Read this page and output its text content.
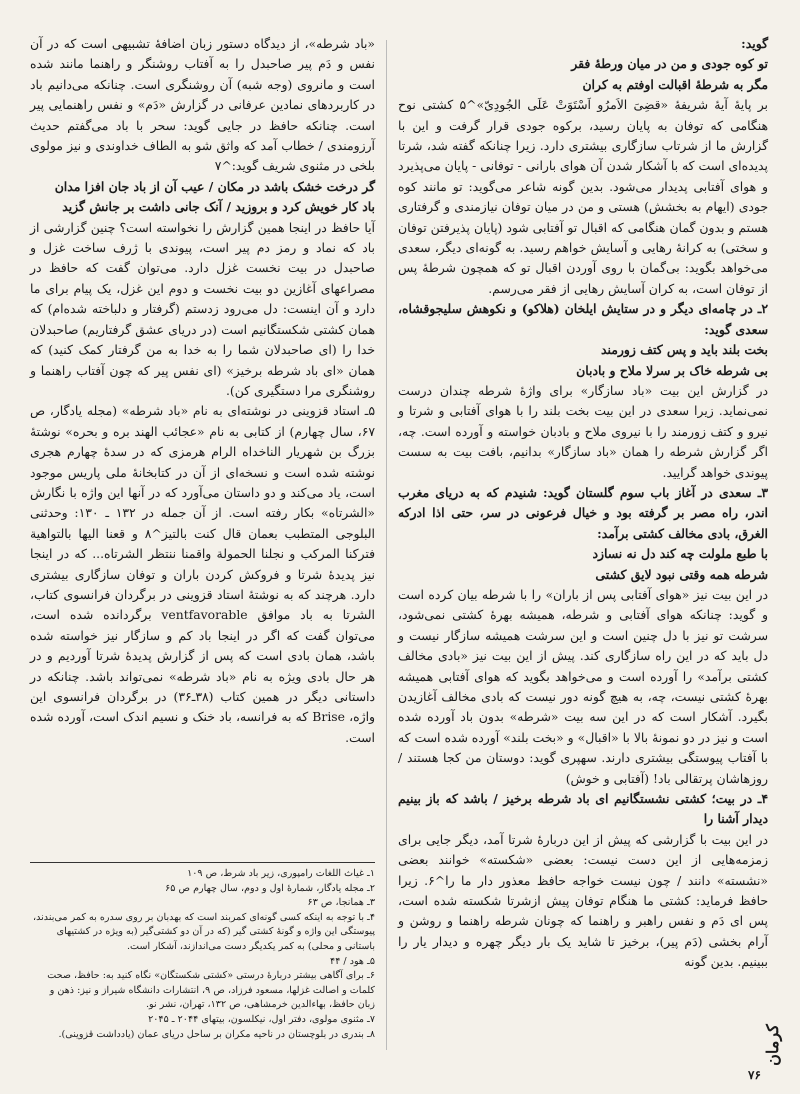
گوید:

تو کوه جودی و من در میان ورطهٔ فقر

مگر به شرطهٔ اقبالت اوفتم به کران

بر پایهٔ آیهٔ شریفهٔ «قضِیَ الاَمرُو اَسْتَوَتْ عَلَی الجُودِیّ»^۵ کشتی نوح هنگامی که توفان به پایان رسید، برکوه جودی قرار گرفت و این با گزارش ما از شرتاب سازگاری بیشتری دارد. زیرا چنانکه گفته شد، شرتا پدیده‌ای است که با آشکار شدن آن هوای بارانی - توفانی - پایان می‌پذیرد و هوای آفتابی پدیدار می‌شود. بدین گونه شاعر می‌گوید: تو مانند کوه جودی (ایهام به بخشش) هستی و من در میان توفان نیازمندی و گرفتاری هستم و بدون گمان هنگامی که اقبال تو آفتابی شود (پایان پذیرفتن توفان و سختی) به کرانهٔ رهایی و آسایش خواهم رسید. به گونه‌ای دیگر، سعدی می‌خواهد بگوید: بی‌گمان با روی آوردن اقبال تو که همچون شرطهٔ پس از توفان است، به کران آسایش رهایی از فقر می‌رسم.

۲ـ در چامه‌ای دیگر و در ستایش ایلخان (هلاکو) و نکوهش سلیجوقشاه، سعدی گوید:

بخت بلند باید و پس کتف زورمند

بی شرطه خاک بر سرلا ملاح و بادبان

در گزارش این بیت «باد سازگار» برای واژهٔ شرطه چندان درست نمی‌نماید. زیرا سعدی در این بیت بخت بلند را با هوای آفتابی و شرتا و نیرو و کتف زورمند را با نیروی ملاح و بادبان خواسته و آورده است. چه، اگر گزارش شرطه را همان «باد سازگار» بدانیم، بافت بیت به سست پیوندی خواهد گرایید.

۳ـ سعدی در آغاز باب سوم گلستان گوید: شنیدم که به دریای مغرب اندر، راه مصر بر گرفته بود و خیال فرعونی در سر، حتی اذا ادرکه الغرق، بادی مخالف کشتی برآمد:

با طبع ملولت چه کند دل نه نسازد

شرطه همه وقتی نبود لایق کشتی

در این بیت نیز «هوای آفتابی پس از باران» را با شرطه بیان کرده است و گوید: چنانکه هوای آفتابی و شرطه، همیشه بهرهٔ کشتی نمی‌شود، سرشت تو نیز با دل چنین است و این سرشت همیشه سازگار نیست و دل باید که در این راه سازگاری کند. پیش از این بیت نیز «بادی مخالف کشتی برآمد» را آورده است و می‌خواهد بگوید که هوای آفتابی همیشه بهرهٔ کشتی نیست، چه، به هیچ گونه دور نیست که بادی مخالف آغازیدن بگیرد. آشکار است که در این سه بیت «شرطه» بدون باد آورده شده است و نیز در دو نمونهٔ بالا با «اقبال» و «بخت بلند» آورده شده است که با آفتاب پیوستگی بیشتری دارند. سهپری گوید: دوستان من کجا هستند / روزهاشان پرتقالی باد! (آفتابی و خوش)

۴ـ در بیت؛ کشتی نشستگانیم ای باد شرطه برخیز / باشد که باز بینیم دیدار آشنا را

در این بیت با گزارشی که پیش از این دربارهٔ شرتا آمد، دیگر جایی برای زمزمه‌هایی از این دست نیست: بعضی «شکسته» خوانند بعضی «نشسته» دانند / چون نیست خواجه حافظ معذور دار ما را^۶. زیرا حافظ فرماید: کشتی ما هنگام توفان پیش ازشرتا شکسته شده است، پس ای دَم و نفس راهبر و راهنما که چونان شرطه راهنما و روشن و آرام بخشی (دَم پیر)، برخیز تا شاید یک بار دیگر چهره و دیدار یار را ببینیم. بدین گونه

«باد شرطه»، از دیدگاه دستور زبان اضافهٔ تشبیهی است که در آن نفس و دَم پیر صاحبدل را به آفتاب روشنگر و راهنما مانند شده است و مانروی (وجه شبه) آن روشنگری است. چنانکه می‌دانیم باد در کاربردهای نمادین عرفانی در گزارش «دَم» و نفس راهنمایی پیر است. چنانکه حافظ در جایی گوید: سحر با باد می‌گفتم حدیث آرزومندی / خطاب آمد که واثق شو به الطاف خداوندی و نیز مولوی بلخی در مثنوی شریف گوید:^۷

گر درخت خشک باشد در مکان / عیب آن از باد جان افزا مدان

باد کار خویش کرد و بروزید / آنک جانی داشت بر جانش گزید

آیا حافظ در اینجا همین گزارش را نخواسته است؟ چنین گزارشی از باد که نماد و رمز دم پیر است، پیوندی با ژرف ساخت غزل و صاحبدل در بیت نخست غزل دارد. می‌توان گفت که حافظ در مصراعهای آغازین دو بیت نخست و دوم این غزل، یک پیام برای ما دارد و آن اینست: دل می‌رود زدستم (گرفتار و دلباخته شده‌ام) که همان کشتی شکستگانیم است (در دریای عشق گرفتاریم) صاحبدلان خدا را (ای صاحبدلان شما را به خدا به من گرفتار کمک کنید) که همان «ای باد شرطه برخیز» (ای نفس پیر که چون آفتاب راهنما و روشنگری مرا دستگیری کن).

۵ـ استاد قزوینی در نوشته‌ای به نام «باد شرطه» (مجله یادگار، ص ۶۷، سال چهارم) از کتابی به نام «عجائب الهند بره و بحره» نوشتهٔ بزرگ بن شهریار الناخداه الرام هرمزی که در سدهٔ چهارم هجری نوشته شده است و نسخه‌ای از آن در کتابخانهٔ ملی پاریس موجود است، یاد می‌کند و دو داستان می‌آورد که در آنها این واژه با نگارش «الشرتاه» بکار رفته است. از آن جمله در ۱۳۲ ـ ۱۳۰: وحدثنی البلوجی المتطبب بعمان قال کنت بالتیز^۸ و قعنا الیها بالتواهیة فترکنا المرکب و نجلنا الحمولة واقمنا ننتظر الشرتاه... که در اینجا نیز پدیدهٔ شرتا و فروکش کردن باران و توفان سازگاری بیشتری دارد. هرچند که به نوشتهٔ استاد قزوینی در برگردان فرانسوی کتاب، الشرتا به باد موافق ventfavorable برگردانده شده است، می‌توان گفت که اگر در اینجا باد کم و سازگار نیز خواسته شده باشد، همان بادی است که پس از گزارش پدیدهٔ شرتا آوردیم و در هر حال بادی ویژه به نام «باد شرطه» نمی‌تواند باشد. چنانکه در داستانی دیگر در همین کتاب (۳۸ـ۳۶) در برگردان فرانسوی این واژه، Brise که به فرانسه، باد خنک و نسیم اندک است، آورده شده است.

۱ـ غیاث اللغات رامپوری، زیر باد شرط، ص ۱۰۹

۲ـ مجله یادگار، شمارهٔ اول و دوم، سال چهارم ص ۶۵

۳ـ همانجا، ص ۶۳

۴ـ با توجه به اینکه کسی گونه‌ای کمربند است که بهدبان بر روی سدره به کمر می‌بندند، پیوستگی این واژه و گونهٔ کشتی گیر (که در آن دو کشتی‌گیر (به ویژه در کشتیهای باستانی و محلی) به کمر یکدیگر دست می‌اندازند، آشکار است.

۵ـ هود / ۴۴

۶ـ برای آگاهی بیشتر دربارهٔ درستی «کشتی شکستگان» نگاه کنید به: حافظ، صحت کلمات و اصالت غزلها، مسعود فرزاد، ص ۹، انتشارات دانشگاه شیراز و نیز: ذهن و زبان حافظ، بهاءالدین خرمشاهی، ص ۱۳۲، تهران، نشر نو.

۷ـ مثنوی مولوی، دفتر اول، نیکلسون، بیتهای ۲۰۴۴ ـ ۲۰۴۵

۸ـ بندری در بلوچستان در ناحیه مکران بر ساحل دریای عمان (یادداشت قزوینی).	کرمان
۷۶
